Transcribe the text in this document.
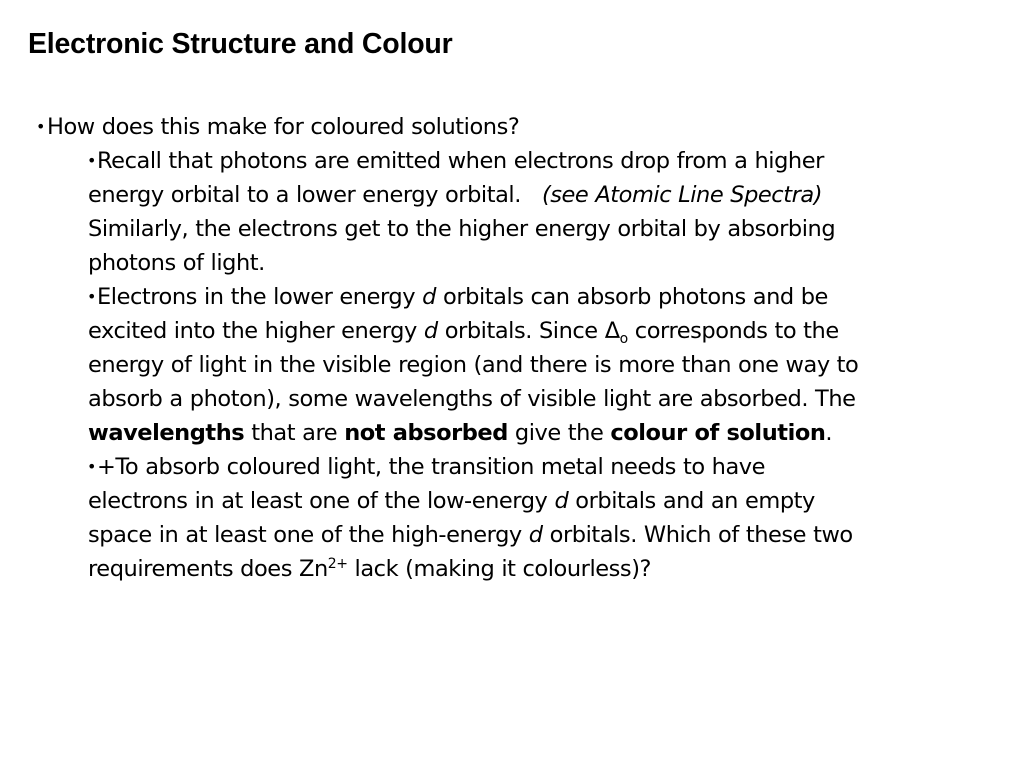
Electronic Structure and Colour
• How does this make for coloured solutions?
• Recall that photons are emitted when electrons drop from a higher
energy orbital to a lower energy orbital. (see Atomic Line Spectra)
Similarly, the electrons get to the higher energy orbital by absorbing
photons of light.
• Electrons in the lower energy d orbitals can absorb photons and be
excited into the higher energy d orbitals. Since $\Delta_o$ corresponds to the
energy of light in the visible region (and there is more than one way to
absorb a photon), some wavelengths of visible light are absorbed. The
wavelengths that are not absorbed give the colour of solution.
• +To absorb coloured light, the transition metal needs to have
electrons in at least one of the low-energy d orbitals and an empty
space in at least one of the high-energy d orbitals. Which of these two
requirements does $Zn^{2+}$ lack (making it colourless)?
